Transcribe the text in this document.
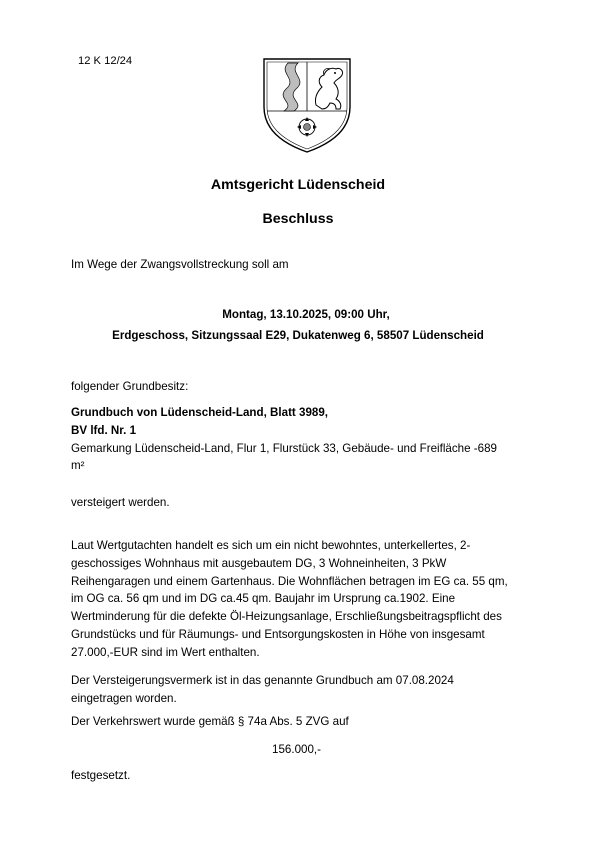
12 K 12/24
Amtsgericht Lüdenscheid
Beschluss
Im Wege der Zwangsvollstreckung soll am
Montag, 13.10.2025, 09:00 Uhr,
Erdgeschoss, Sitzungssaal E29, Dukatenweg 6, 58507 Lüdenscheid
folgender Grundbesitz:
Grundbuch von Lüdenscheid-Land, Blatt 3989,
BV lfd. Nr. 1
Gemarkung Lüdenscheid-Land, Flur 1, Flurstück 33, Gebäude- und Freifläche -689
m²
versteigert werden.
Laut Wertgutachten handelt es sich um ein nicht bewohntes, unterkellertes, 2-
geschossiges Wohnhaus mit ausgebautem DG, 3 Wohneinheiten, 3 PkW
Reihengaragen und einem Gartenhaus. Die Wohnflächen betragen im EG ca. 55 qm,
im OG ca. 56 qm und im DG ca.45 qm. Baujahr im Ursprung ca.1902. Eine
Wertminderung für die defekte Öl-Heizungsanlage, Erschließungsbeitragspflicht des
Grundstücks und für Räumungs- und Entsorgungskosten in Höhe von insgesamt
27.000,-EUR sind im Wert enthalten.
Der Versteigerungsvermerk ist in das genannte Grundbuch am 07.08.2024
eingetragen worden.
Der Verkehrswert wurde gemäß § 74a Abs. 5 ZVG auf
156.000,-
festgesetzt.
